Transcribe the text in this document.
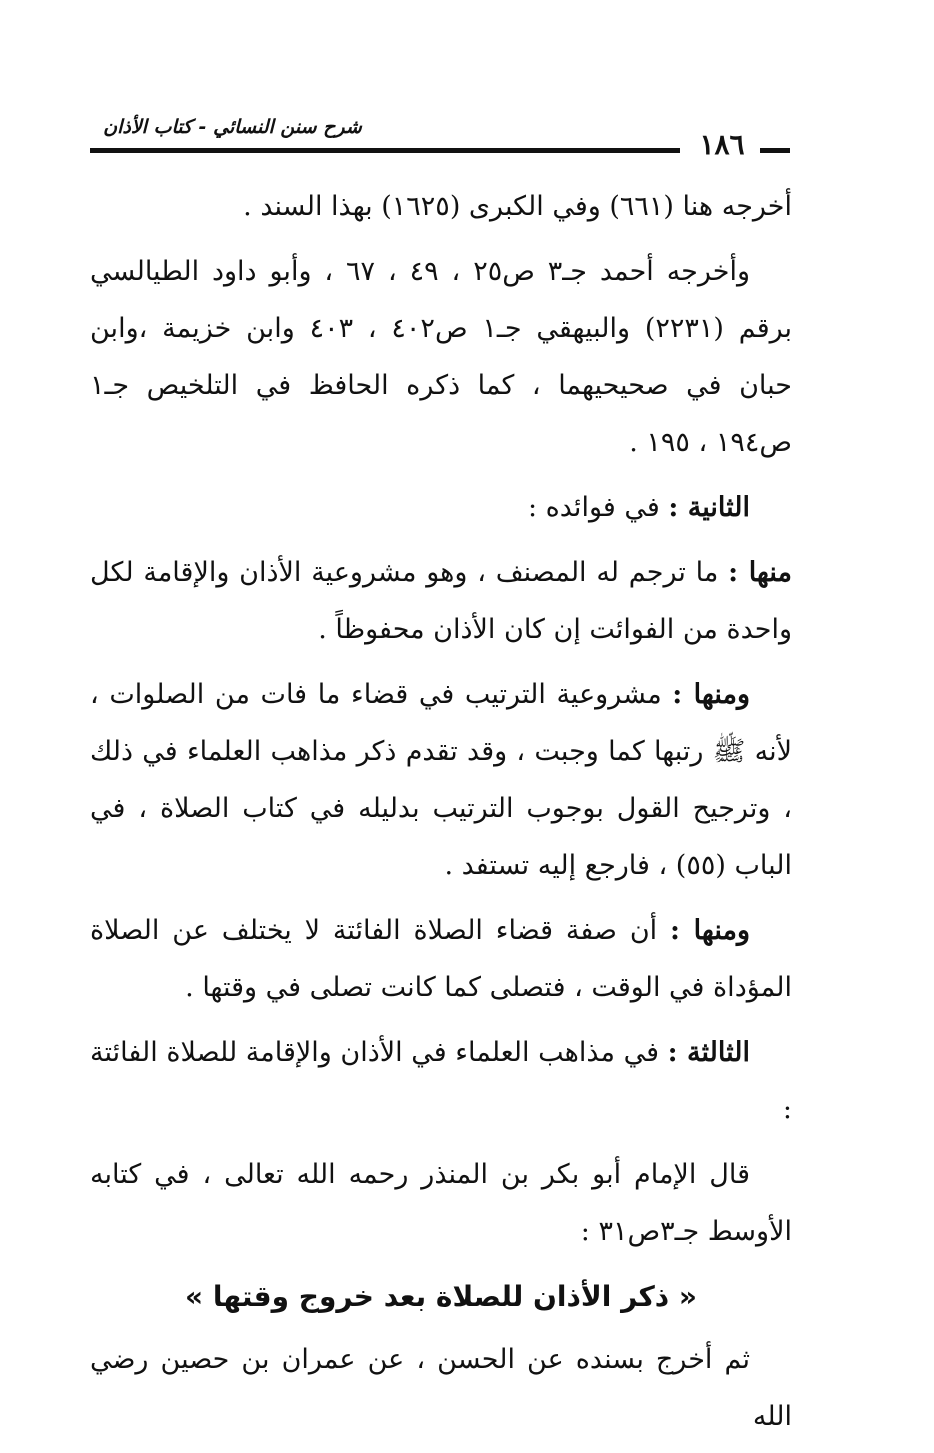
شرح سنن النسائي - كتاب الأذان
١٨٦

أخرجه هنا (٦٦١) وفي الكبرى (١٦٢٥) بهذا السند .

وأخرجه أحمد جـ٣ ص٢٥ ، ٤٩ ، ٦٧ ، وأبو داود الطيالسي برقم (٢٢٣١) والبيهقي جـ١ ص٤٠٢ ، ٤٠٣ وابن خزيمة ،وابن حبان في صحيحيهما ، كما ذكره الحافظ في التلخيص جـ١ ص١٩٤ ، ١٩٥ .

الثانية : في فوائده :

منها : ما ترجم له المصنف ، وهو مشروعية الأذان والإقامة لكل واحدة من الفوائت إن كان الأذان محفوظاً .

ومنها : مشروعية الترتيب في قضاء ما فات من الصلوات ، لأنه ﷺ رتبها كما وجبت ، وقد تقدم ذكر مذاهب العلماء في ذلك ، وترجيح القول بوجوب الترتيب بدليله في كتاب الصلاة ، في الباب (٥٥) ، فارجع إليه تستفد .

ومنها : أن صفة قضاء الصلاة الفائتة لا يختلف عن الصلاة المؤداة في الوقت ، فتصلى كما كانت تصلى في وقتها .

الثالثة : في مذاهب العلماء في الأذان والإقامة للصلاة الفائتة :

قال الإمام أبو بكر بن المنذر رحمه الله تعالى ، في كتابه الأوسط جـ٣ص٣١ :

« ذكر الأذان للصلاة بعد خروج وقتها »

ثم أخرج بسنده عن الحسن ، عن عمران بن حصين رضي الله
